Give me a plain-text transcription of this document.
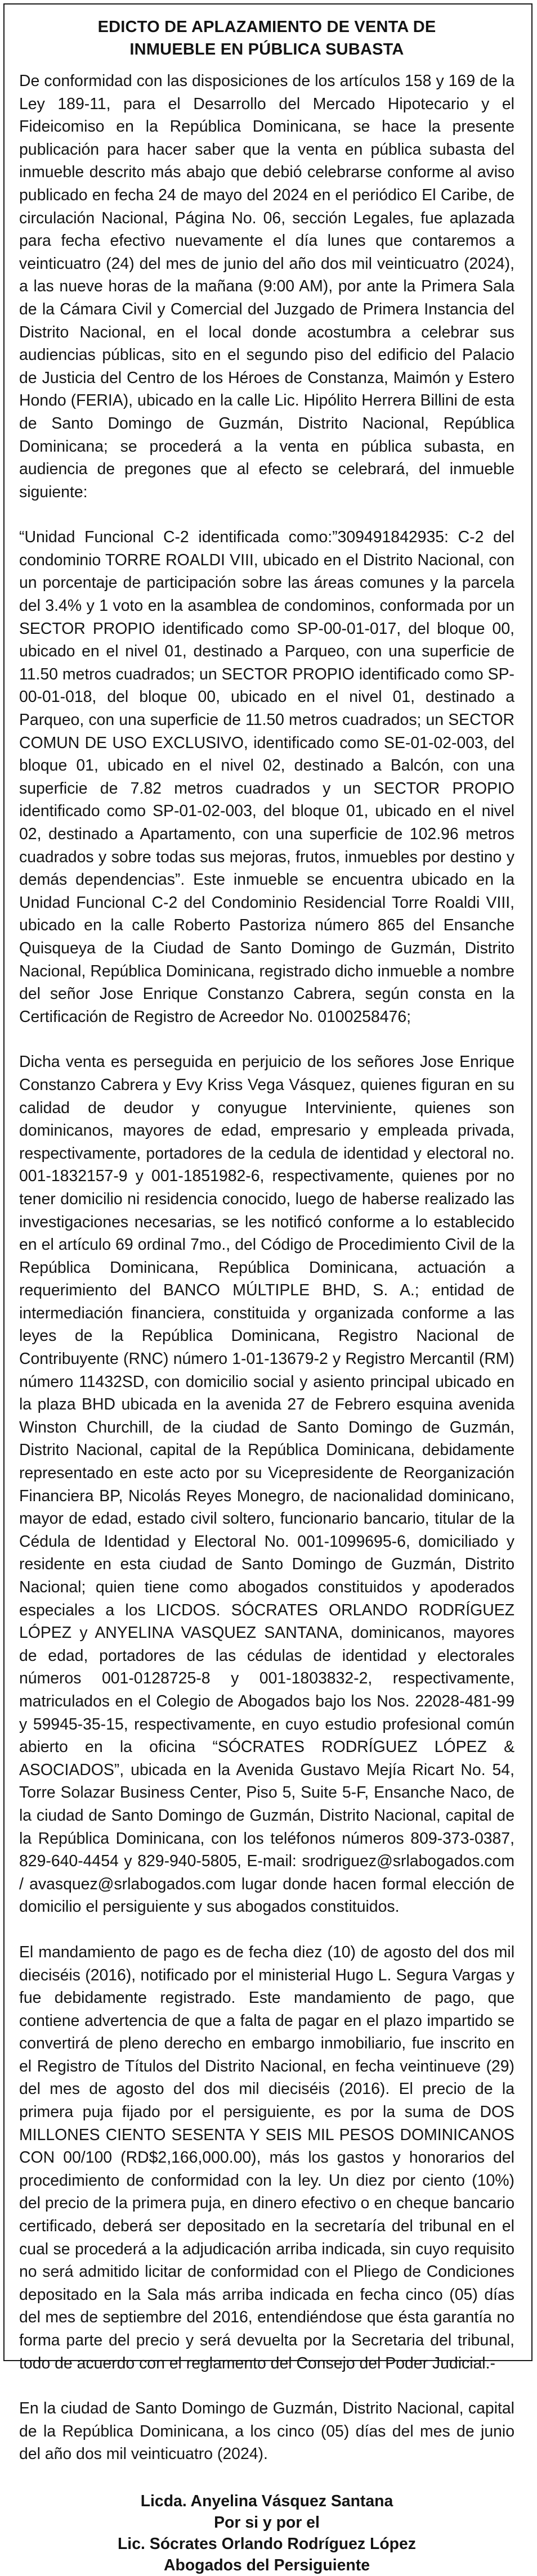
EDICTO DE APLAZAMIENTO DE VENTA DE
INMUEBLE EN PÚBLICA SUBASTA

De conformidad con las disposiciones de los artículos 158 y 169 de la Ley 189-11, para el Desarrollo del Mercado Hipotecario y el Fideicomiso en la República Dominicana, se hace la presente publicación para hacer saber que la venta en pública subasta del inmueble descrito más abajo que debió celebrarse conforme al aviso publicado en fecha 24 de mayo del 2024 en el periódico El Caribe, de circulación Nacional, Página No. 06, sección Legales, fue aplazada para fecha efectivo nuevamente el día lunes que contaremos a veinticuatro (24) del mes de junio del año dos mil veinticuatro (2024), a las nueve horas de la mañana (9:00 AM), por ante la Primera Sala de la Cámara Civil y Comercial del Juzgado de Primera Instancia del Distrito Nacional, en el local donde acostumbra a celebrar sus audiencias públicas, sito en el segundo piso del edificio del Palacio de Justicia del Centro de los Héroes de Constanza, Maimón y Estero Hondo (FERIA), ubicado en la calle Lic. Hipólito Herrera Billini de esta de Santo Domingo de Guzmán, Distrito Nacional, República Dominicana; se procederá a la venta en pública subasta, en audiencia de pregones que al efecto se celebrará, del inmueble siguiente:

“Unidad Funcional C-2 identificada como:”309491842935: C-2 del condominio TORRE ROALDI VIII, ubicado en el Distrito Nacional, con un porcentaje de participación sobre las áreas comunes y la parcela del 3.4% y 1 voto en la asamblea de condominos, conformada por un SECTOR PROPIO identificado como SP-00-01-017, del bloque 00, ubicado en el nivel 01, destinado a Parqueo, con una superficie de 11.50 metros cuadrados; un SECTOR PROPIO identificado como SP-00-01-018, del bloque 00, ubicado en el nivel 01, destinado a Parqueo, con una superficie de 11.50 metros cuadrados; un SECTOR COMUN DE USO EXCLUSIVO, identificado como SE-01-02-003, del bloque 01, ubicado en el nivel 02, destinado a Balcón, con una superficie de 7.82 metros cuadrados y un SECTOR PROPIO identificado como SP-01-02-003, del bloque 01, ubicado en el nivel 02, destinado a Apartamento, con una superficie de 102.96 metros cuadrados y sobre todas sus mejoras, frutos, inmuebles por destino y demás dependencias”. Este inmueble se encuentra ubicado en la Unidad Funcional C-2 del Condominio Residencial Torre Roaldi VIII, ubicado en la calle Roberto Pastoriza número 865 del Ensanche Quisqueya de la Ciudad de Santo Domingo de Guzmán, Distrito Nacional, República Dominicana, registrado dicho inmueble a nombre del señor Jose Enrique Constanzo Cabrera, según consta en la Certificación de Registro de Acreedor No. 0100258476;

Dicha venta es perseguida en perjuicio de los señores Jose Enrique Constanzo Cabrera y Evy Kriss Vega Vásquez, quienes figuran en su calidad de deudor y conyugue Interviniente, quienes son dominicanos, mayores de edad, empresario y empleada privada, respectivamente, portadores de la cedula de identidad y electoral no. 001-1832157-9 y 001-1851982-6, respectivamente, quienes por no tener domicilio ni residencia conocido, luego de haberse realizado las investigaciones necesarias, se les notificó conforme a lo establecido en el artículo 69 ordinal 7mo., del Código de Procedimiento Civil de la República Dominicana, República Dominicana, actuación a requerimiento del BANCO MÚLTIPLE BHD, S. A.; entidad de intermediación financiera, constituida y organizada conforme a las leyes de la República Dominicana, Registro Nacional de Contribuyente (RNC) número 1-01-13679-2 y Registro Mercantil (RM) número 11432SD, con domicilio social y asiento principal ubicado en la plaza BHD ubicada en la avenida 27 de Febrero esquina avenida Winston Churchill, de la ciudad de Santo Domingo de Guzmán, Distrito Nacional, capital de la República Dominicana, debidamente representado en este acto por su Vicepresidente de Reorganización Financiera BP, Nicolás Reyes Monegro, de nacionalidad dominicano, mayor de edad, estado civil soltero, funcionario bancario, titular de la Cédula de Identidad y Electoral No. 001-1099695-6, domiciliado y residente en esta ciudad de Santo Domingo de Guzmán, Distrito Nacional; quien tiene como abogados constituidos y apoderados especiales a los LICDOS. SÓCRATES ORLANDO RODRÍGUEZ LÓPEZ y ANYELINA VASQUEZ SANTANA, dominicanos, mayores de edad, portadores de las cédulas de identidad y electorales números 001-0128725-8 y 001-1803832-2, respectivamente, matriculados en el Colegio de Abogados bajo los Nos. 22028-481-99 y 59945-35-15, respectivamente, en cuyo estudio profesional común abierto en la oficina “SÓCRATES RODRÍGUEZ LÓPEZ & ASOCIADOS”, ubicada en la Avenida Gustavo Mejía Ricart No. 54, Torre Solazar Business Center, Piso 5, Suite 5-F, Ensanche Naco, de la ciudad de Santo Domingo de Guzmán, Distrito Nacional, capital de la República Dominicana, con los teléfonos números 809-373-0387, 829-640-4454 y 829-940-5805, E-mail: srodriguez@srlabogados.com / avasquez@srlabogados.com lugar donde hacen formal elección de domicilio el persiguiente y sus abogados constituidos.

El mandamiento de pago es de fecha diez (10) de agosto del dos mil dieciséis (2016), notificado por el ministerial Hugo L. Segura Vargas y fue debidamente registrado. Este mandamiento de pago, que contiene advertencia de que a falta de pagar en el plazo impartido se convertirá de pleno derecho en embargo inmobiliario, fue inscrito en el Registro de Títulos del Distrito Nacional, en fecha veintinueve (29) del mes de agosto del dos mil dieciséis (2016). El precio de la primera puja fijado por el persiguiente, es por la suma de DOS MILLONES CIENTO SESENTA Y SEIS MIL PESOS DOMINICANOS CON 00/100 (RD$2,166,000.00), más los gastos y honorarios del procedimiento de conformidad con la ley. Un diez por ciento (10%) del precio de la primera puja, en dinero efectivo o en cheque bancario certificado, deberá ser depositado en la secretaría del tribunal en el cual se procederá a la adjudicación arriba indicada, sin cuyo requisito no será admitido licitar de conformidad con el Pliego de Condiciones depositado en la Sala más arriba indicada en fecha cinco (05) días del mes de septiembre del 2016, entendiéndose que ésta garantía no forma parte del precio y será devuelta por la Secretaria del tribunal, todo de acuerdo con el reglamento del Consejo del Poder Judicial.-

En la ciudad de Santo Domingo de Guzmán, Distrito Nacional, capital de la República Dominicana, a los cinco (05) días del mes de junio del año dos mil veinticuatro (2024).

Licda. Anyelina Vásquez Santana
Por si y por el
Lic. Sócrates Orlando Rodríguez López
Abogados del Persiguiente
